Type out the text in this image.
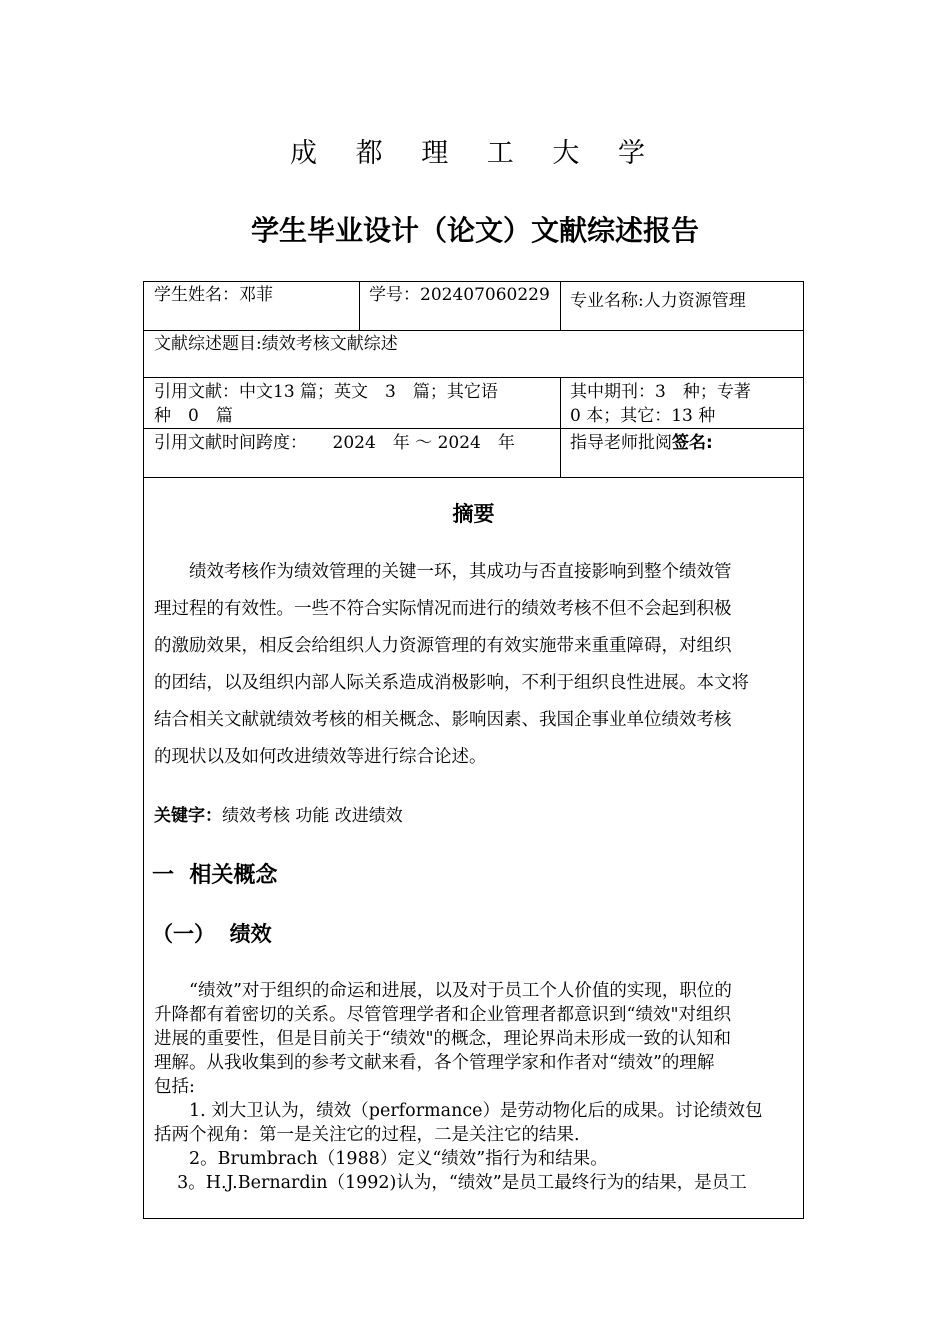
成 都 理 工 大 学
学生毕业设计（论文）文献综述报告
学生姓名：邓菲	学号：202407060229 专业名称:人力资源管理
文献综述题目:绩效考核文献综述
引用文献：中文13 篇；英文　3　篇；其它语
种　0　篇
其中期刊：3　种；专著
0 本；其它：13 种
引用文献时间跨度：　　2024　年 ～ 2024　年	指导老师批阅签名:
摘要
　　绩效考核作为绩效管理的关键一环，其成功与否直接影响到整个绩效管
理过程的有效性。一些不符合实际情况而进行的绩效考核不但不会起到积极
的激励效果，相反会给组织人力资源管理的有效实施带来重重障碍，对组织
的团结，以及组织内部人际关系造成消极影响，不利于组织良性进展。本文将
结合相关文献就绩效考核的相关概念、影响因素、我国企事业单位绩效考核
的现状以及如何改进绩效等进行综合论述。
关键字：绩效考核 功能 改进绩效
一  相关概念
（一）  绩效
　　“绩效”对于组织的命运和进展，以及对于员工个人价值的实现，职位的
升降都有着密切的关系。尽管管理学者和企业管理者都意识到“绩效"对组织
进展的重要性，但是目前关于“绩效"的概念，理论界尚未形成一致的认知和
理解。从我收集到的参考文献来看，各个管理学家和作者对“绩效”的理解
包括:
　　1. 刘大卫认为，绩效（performance）是劳动物化后的成果。讨论绩效包
括两个视角：第一是关注它的过程，二是关注它的结果.
　　2。Brumbrach（1988）定义“绩效”指行为和结果。
　 3。H.J.Bernardin（1992)认为，“绩效”是员工最终行为的结果，是员工
